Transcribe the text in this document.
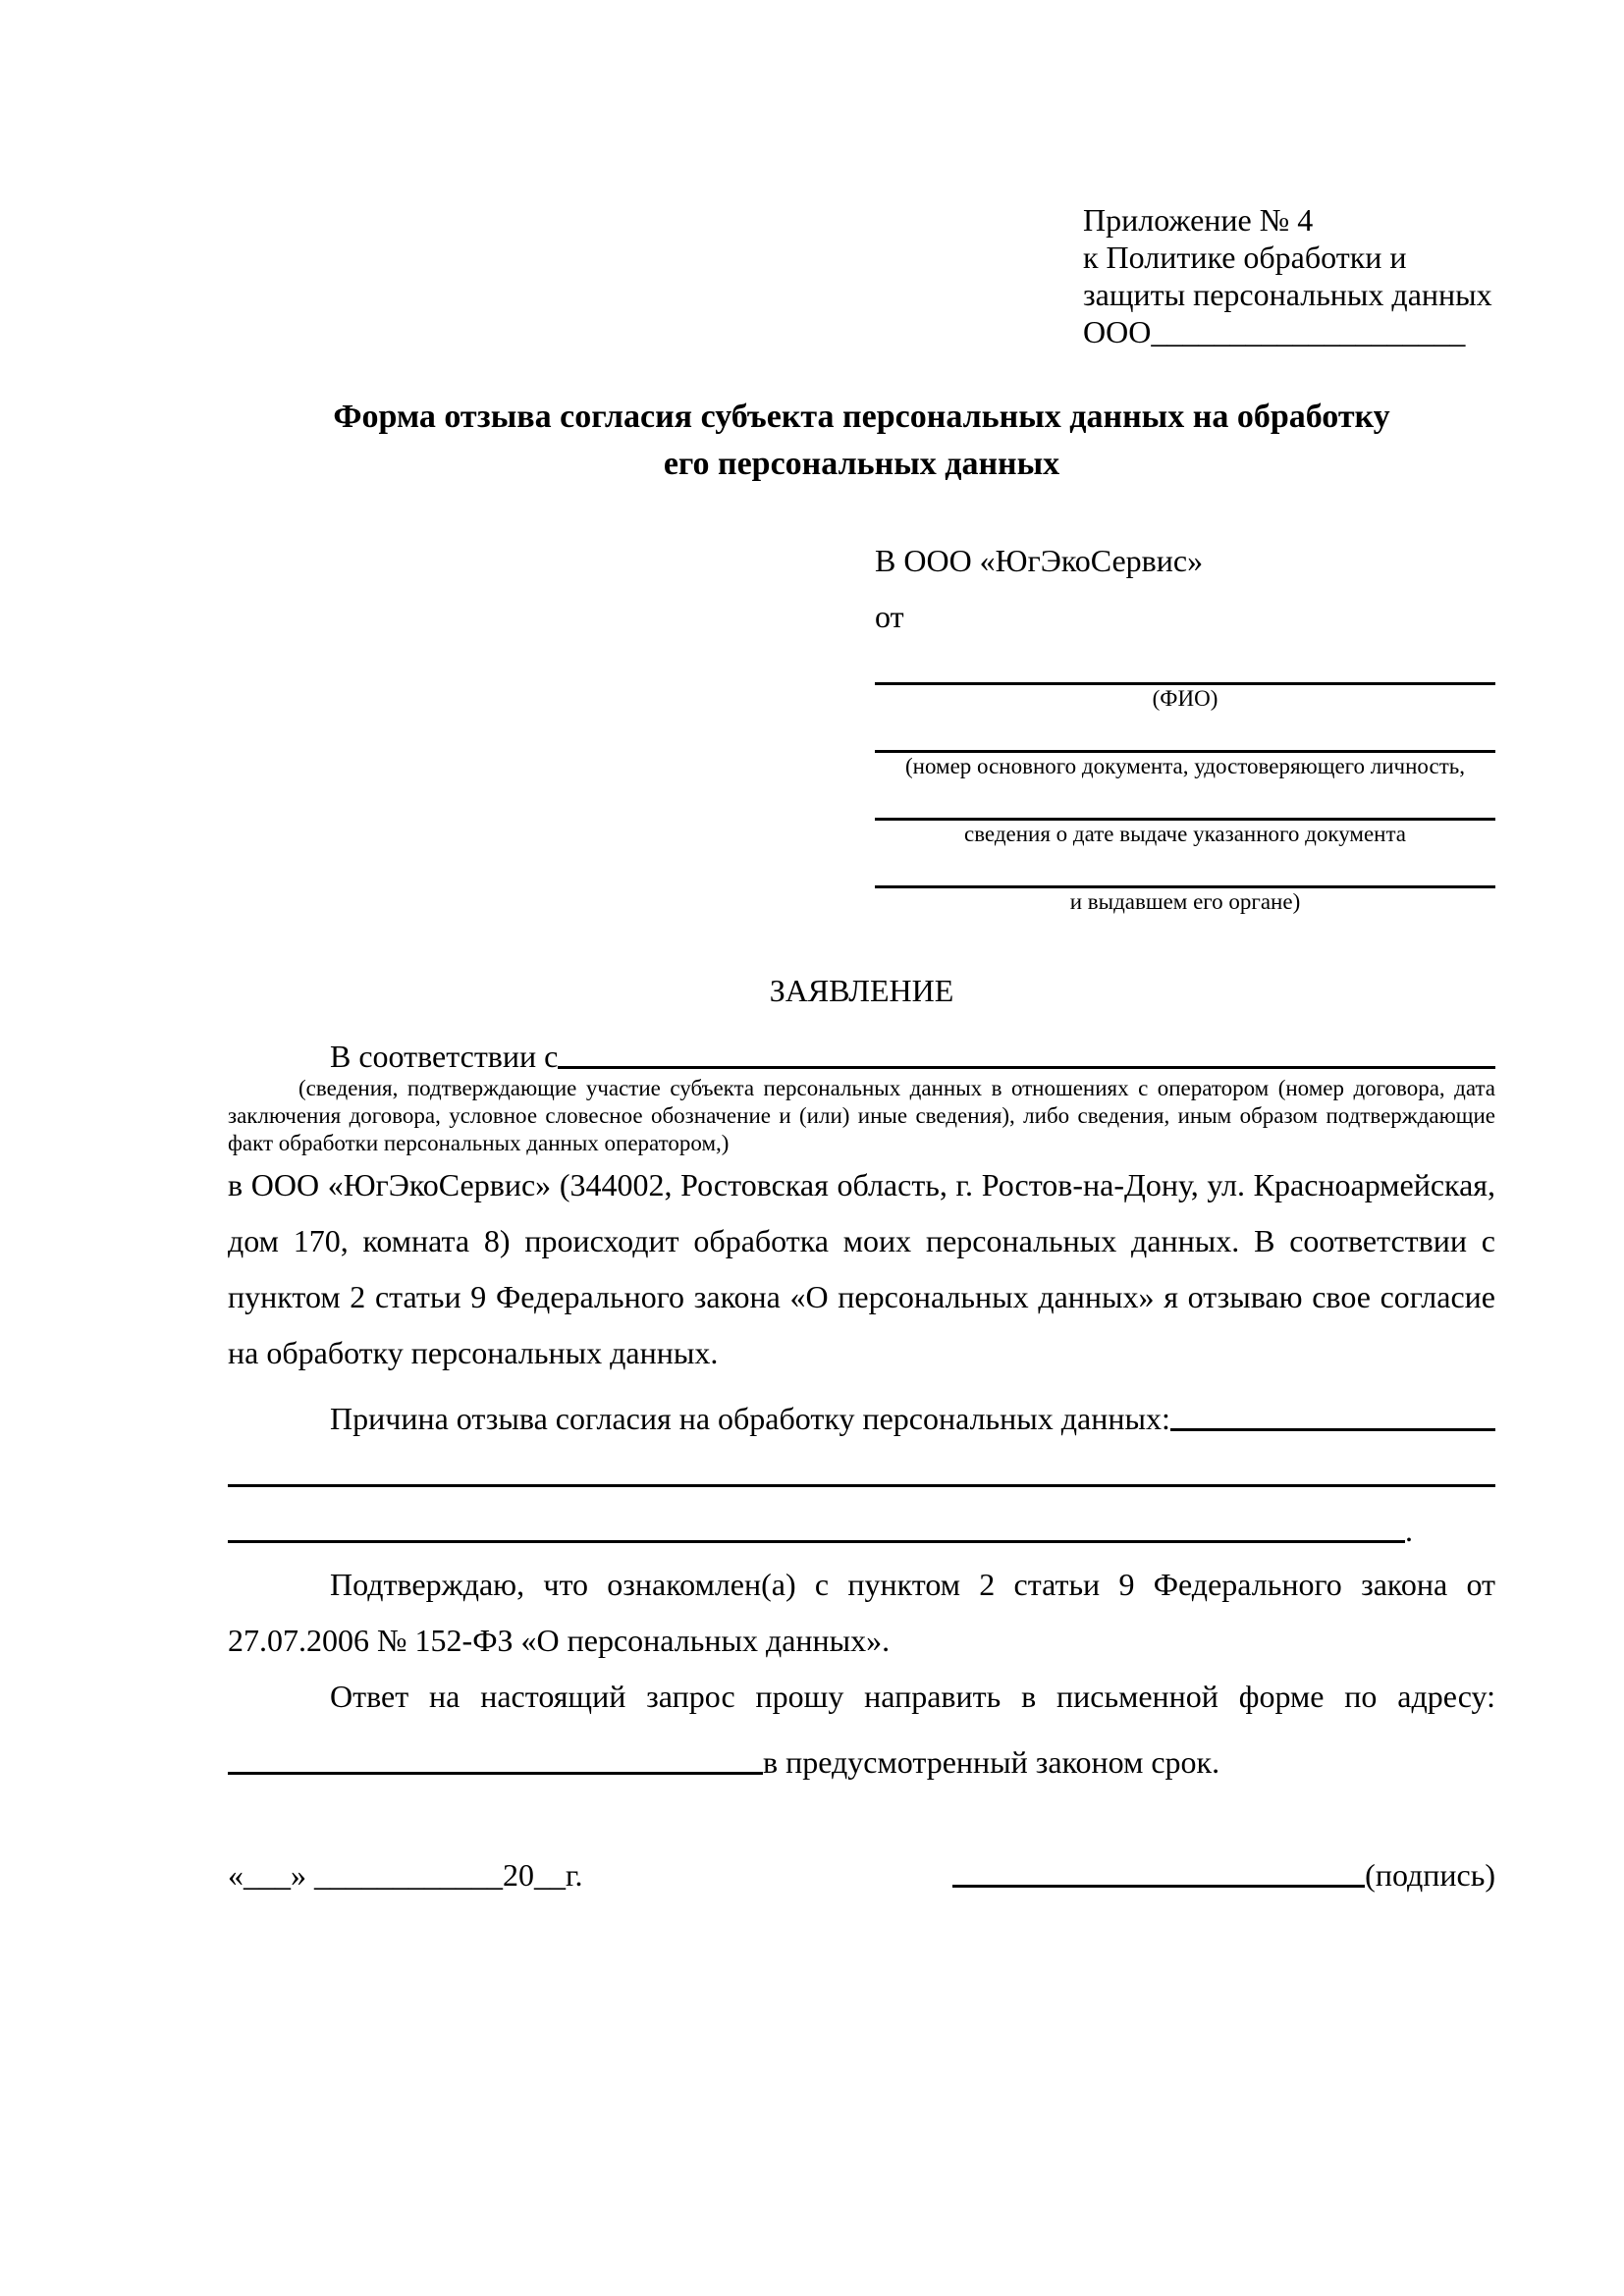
Приложение № 4
к Политике обработки и
защиты персональных данных
ООО____________________
Форма отзыва согласия субъекта персональных данных на обработку
его персональных данных
В ООО «ЮгЭкоСервис»
от
(ФИО)
(номер основного документа, удостоверяющего личность,
сведения о дате выдаче указанного документа
и выдавшем его органе)
ЗАЯВЛЕНИЕ
В соответствии с
(сведения, подтверждающие участие субъекта персональных данных в отношениях с оператором (номер договора, дата заключения договора, условное словесное обозначение и (или) иные сведения), либо сведения, иным образом подтверждающие факт обработки персональных данных оператором,)

в ООО «ЮгЭкоСервис» (344002, Ростовская область, г. Ростов-на-Дону, ул. Красноармейская, дом 170, комната 8) происходит обработка моих персональных данных. В соответствии с пунктом 2 статьи 9 Федерального закона «О персональных данных» я отзываю свое согласие на обработку персональных данных.

Причина отзыва согласия на обработку персональных данных:
.

Подтверждаю, что ознакомлен(а) с пунктом 2 статьи 9 Федерального закона от 27.07.2006 № 152-ФЗ «О персональных данных».

Ответ на настоящий запрос прошу направить в письменной форме по адресу:

в предусмотренный законом срок.
«___» ____________20__г.	(подпись)
